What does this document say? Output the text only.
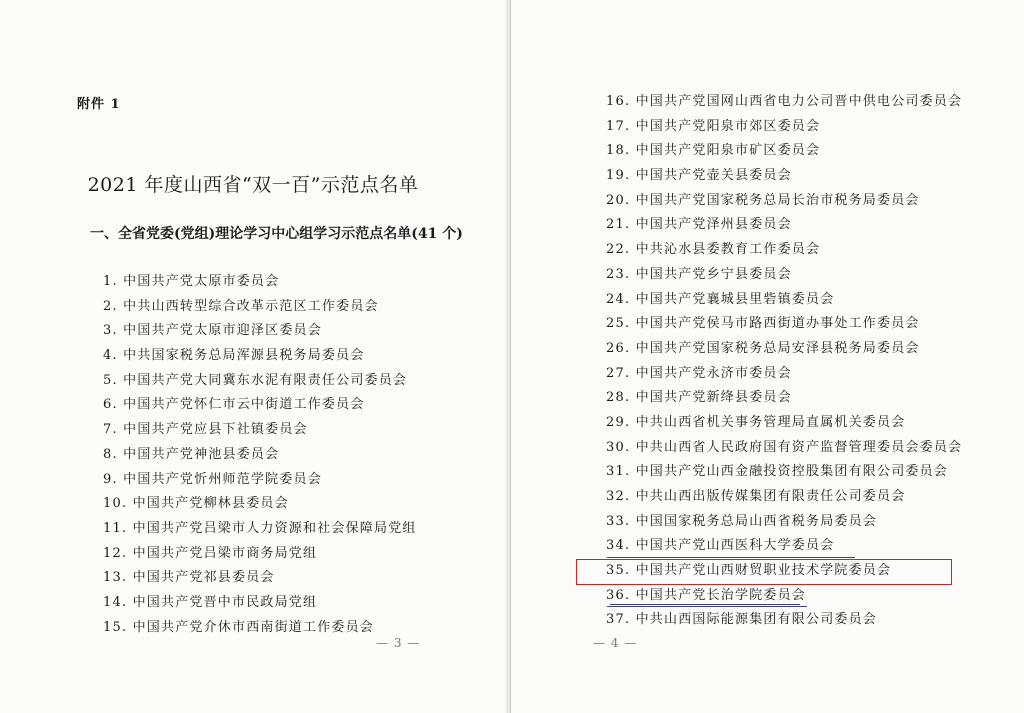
附件 1
2021 年度山西省“双一百”示范点名单
一、全省党委(党组)理论学习中心组学习示范点名单(41 个)
— 3 —	— 4 —
1. 中国共产党太原市委员会
2. 中共山西转型综合改革示范区工作委员会
3. 中国共产党太原市迎泽区委员会
4. 中共国家税务总局浑源县税务局委员会
5. 中国共产党大同冀东水泥有限责任公司委员会
6. 中国共产党怀仁市云中街道工作委员会
7. 中国共产党应县下社镇委员会
8. 中国共产党神池县委员会
9. 中国共产党忻州师范学院委员会
10. 中国共产党柳林县委员会
11. 中国共产党吕梁市人力资源和社会保障局党组
12. 中国共产党吕梁市商务局党组
13. 中国共产党祁县委员会
14. 中国共产党晋中市民政局党组
15. 中国共产党介休市西南街道工作委员会
16. 中国共产党国网山西省电力公司晋中供电公司委员会
17. 中国共产党阳泉市郊区委员会
18. 中国共产党阳泉市矿区委员会
19. 中国共产党壶关县委员会
20. 中国共产党国家税务总局长治市税务局委员会
21. 中国共产党泽州县委员会
22. 中共沁水县委教育工作委员会
23. 中国共产党乡宁县委员会
24. 中国共产党襄城县里砦镇委员会
25. 中国共产党侯马市路西街道办事处工作委员会
26. 中国共产党国家税务总局安泽县税务局委员会
27. 中国共产党永济市委员会
28. 中国共产党新绛县委员会
29. 中共山西省机关事务管理局直属机关委员会
30. 中共山西省人民政府国有资产监督管理委员会委员会
31. 中国共产党山西金融投资控股集团有限公司委员会
32. 中共山西出版传媒集团有限责任公司委员会
33. 中国国家税务总局山西省税务局委员会
34. 中国共产党山西医科大学委员会
35. 中国共产党山西财贸职业技术学院委员会
36. 中国共产党长治学院委员会
37. 中共山西国际能源集团有限公司委员会
